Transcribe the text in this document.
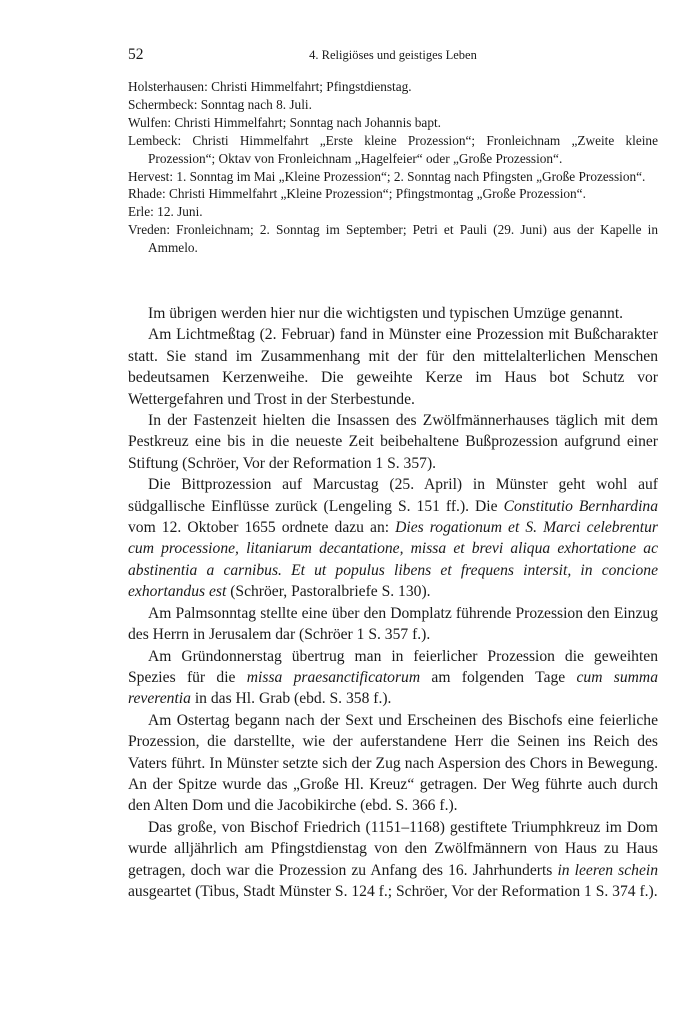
52	4. Religiöses und geistiges Leben
Holsterhausen: Christi Himmelfahrt; Pfingstdienstag.
Schermbeck: Sonntag nach 8. Juli.
Wulfen: Christi Himmelfahrt; Sonntag nach Johannis bapt.
Lembeck: Christi Himmelfahrt „Erste kleine Prozession“; Fronleichnam „Zweite kleine Prozession“; Oktav von Fronleichnam „Hagelfeier“ oder „Große Prozession“.
Hervest: 1. Sonntag im Mai „Kleine Prozession“; 2. Sonntag nach Pfingsten „Große Prozession“.
Rhade: Christi Himmelfahrt „Kleine Prozession“; Pfingstmontag „Große Prozession“.
Erle: 12. Juni.
Vreden: Fronleichnam; 2. Sonntag im September; Petri et Pauli (29. Juni) aus der Kapelle in Ammelo.

Im übrigen werden hier nur die wichtigsten und typischen Umzüge genannt.

Am Lichtmeßtag (2. Februar) fand in Münster eine Prozession mit Bußcharakter statt. Sie stand im Zusammenhang mit der für den mittelalterlichen Menschen bedeutsamen Kerzenweihe. Die geweihte Kerze im Haus bot Schutz vor Wettergefahren und Trost in der Sterbestunde.

In der Fastenzeit hielten die Insassen des Zwölfmännerhauses täglich mit dem Pestkreuz eine bis in die neueste Zeit beibehaltene Bußprozession aufgrund einer Stiftung (Schröer, Vor der Reformation 1 S. 357).

Die Bittprozession auf Marcustag (25. April) in Münster geht wohl auf südgallische Einflüsse zurück (Lengeling S. 151 ff.). Die Constitutio Bernhardina vom 12. Oktober 1655 ordnete dazu an: Dies rogationum et S. Marci celebrentur cum processione, litaniarum decantatione, missa et brevi aliqua exhortatione ac abstinentia a carnibus. Et ut populus libens et frequens intersit, in concione exhortandus est (Schröer, Pastoralbriefe S. 130).

Am Palmsonntag stellte eine über den Domplatz führende Prozession den Einzug des Herrn in Jerusalem dar (Schröer 1 S. 357 f.).

Am Gründonnerstag übertrug man in feierlicher Prozession die geweihten Spezies für die missa praesanctificatorum am folgenden Tage cum summa reverentia in das Hl. Grab (ebd. S. 358 f.).

Am Ostertag begann nach der Sext und Erscheinen des Bischofs eine feierliche Prozession, die darstellte, wie der auferstandene Herr die Seinen ins Reich des Vaters führt. In Münster setzte sich der Zug nach Aspersion des Chors in Bewegung. An der Spitze wurde das „Große Hl. Kreuz“ getragen. Der Weg führte auch durch den Alten Dom und die Jacobikirche (ebd. S. 366 f.).

Das große, von Bischof Friedrich (1151–1168) gestiftete Triumphkreuz im Dom wurde alljährlich am Pfingstdienstag von den Zwölfmännern von Haus zu Haus getragen, doch war die Prozession zu Anfang des 16. Jahrhunderts in leeren schein ausgeartet (Tibus, Stadt Münster S. 124 f.; Schröer, Vor der Reformation 1 S. 374 f.).
